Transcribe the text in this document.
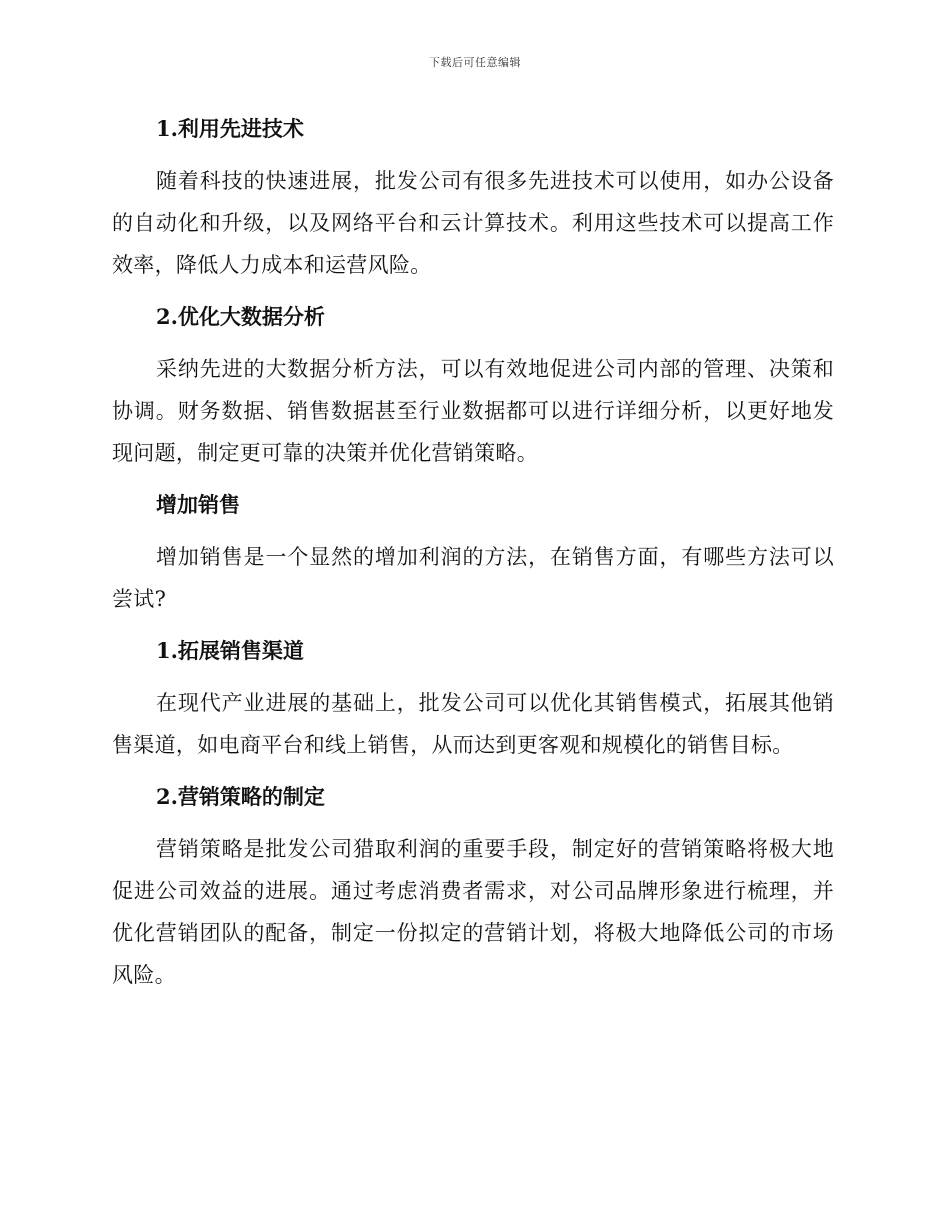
下载后可任意编辑
1.利用先进技术
随着科技的快速进展，批发公司有很多先进技术可以使用，如办公设备的自动化和升级，以及网络平台和云计算技术。利用这些技术可以提高工作效率，降低人力成本和运营风险。
2.优化大数据分析
采纳先进的大数据分析方法，可以有效地促进公司内部的管理、决策和协调。财务数据、销售数据甚至行业数据都可以进行详细分析，以更好地发现问题，制定更可靠的决策并优化营销策略。
增加销售
增加销售是一个显然的增加利润的方法，在销售方面，有哪些方法可以尝试?
1.拓展销售渠道
在现代产业进展的基础上，批发公司可以优化其销售模式，拓展其他销售渠道，如电商平台和线上销售，从而达到更客观和规模化的销售目标。
2.营销策略的制定
营销策略是批发公司猎取利润的重要手段，制定好的营销策略将极大地促进公司效益的进展。通过考虑消费者需求，对公司品牌形象进行梳理，并优化营销团队的配备，制定一份拟定的营销计划，将极大地降低公司的市场风险。
